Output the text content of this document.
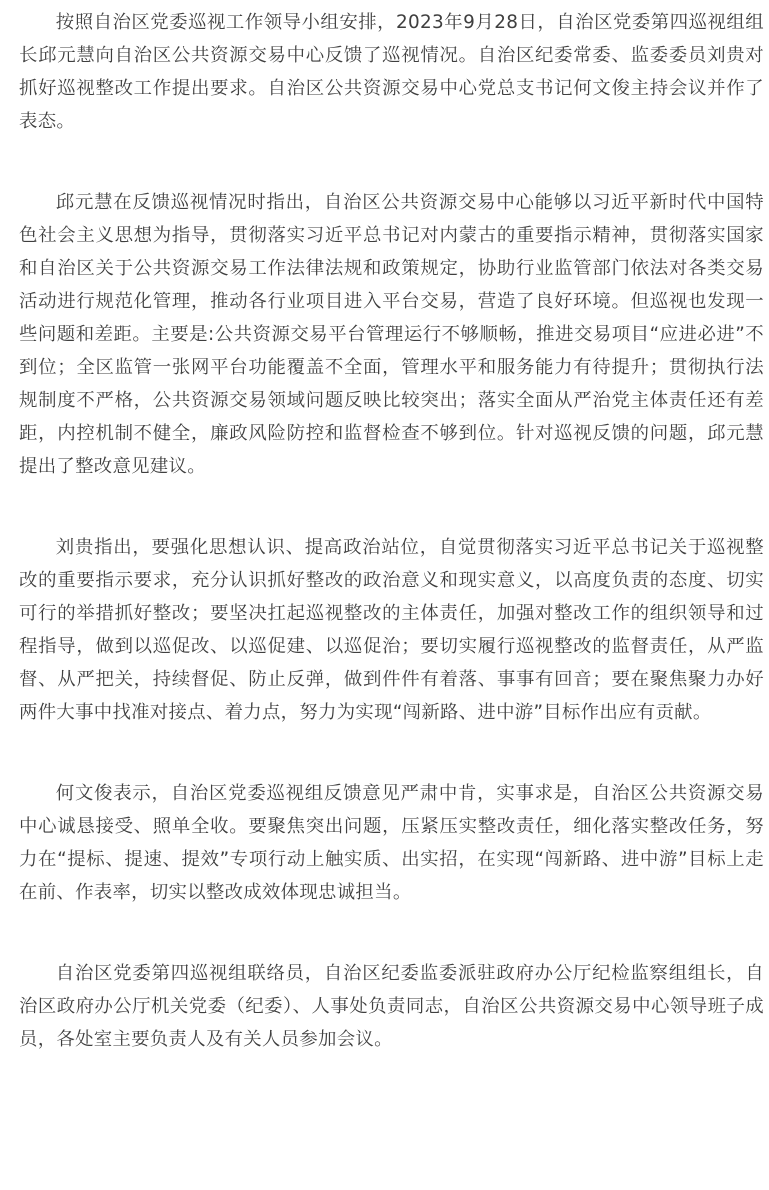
按照自治区党委巡视工作领导小组安排，2023年9月28日，自治区党委第四巡视组组长邱元慧向自治区公共资源交易中心反馈了巡视情况。自治区纪委常委、监委委员刘贵对抓好巡视整改工作提出要求。自治区公共资源交易中心党总支书记何文俊主持会议并作了表态。

邱元慧在反馈巡视情况时指出，自治区公共资源交易中心能够以习近平新时代中国特色社会主义思想为指导，贯彻落实习近平总书记对内蒙古的重要指示精神，贯彻落实国家和自治区关于公共资源交易工作法律法规和政策规定，协助行业监管部门依法对各类交易活动进行规范化管理，推动各行业项目进入平台交易，营造了良好环境。但巡视也发现一些问题和差距。主要是:公共资源交易平台管理运行不够顺畅，推进交易项目“应进必进”不到位；全区监管一张网平台功能覆盖不全面，管理水平和服务能力有待提升；贯彻执行法规制度不严格，公共资源交易领域问题反映比较突出；落实全面从严治党主体责任还有差距，内控机制不健全，廉政风险防控和监督检查不够到位。针对巡视反馈的问题，邱元慧提出了整改意见建议。

刘贵指出，要强化思想认识、提高政治站位，自觉贯彻落实习近平总书记关于巡视整改的重要指示要求，充分认识抓好整改的政治意义和现实意义，以高度负责的态度、切实可行的举措抓好整改；要坚决扛起巡视整改的主体责任，加强对整改工作的组织领导和过程指导，做到以巡促改、以巡促建、以巡促治；要切实履行巡视整改的监督责任，从严监督、从严把关，持续督促、防止反弹，做到件件有着落、事事有回音；要在聚焦聚力办好两件大事中找准对接点、着力点，努力为实现“闯新路、进中游”目标作出应有贡献。

何文俊表示，自治区党委巡视组反馈意见严肃中肯，实事求是，自治区公共资源交易中心诚恳接受、照单全收。要聚焦突出问题，压紧压实整改责任，细化落实整改任务，努力在“提标、提速、提效”专项行动上触实质、出实招，在实现“闯新路、进中游”目标上走在前、作表率，切实以整改成效体现忠诚担当。

自治区党委第四巡视组联络员，自治区纪委监委派驻政府办公厅纪检监察组组长，自治区政府办公厅机关党委（纪委）、人事处负责同志，自治区公共资源交易中心领导班子成员，各处室主要负责人及有关人员参加会议。
